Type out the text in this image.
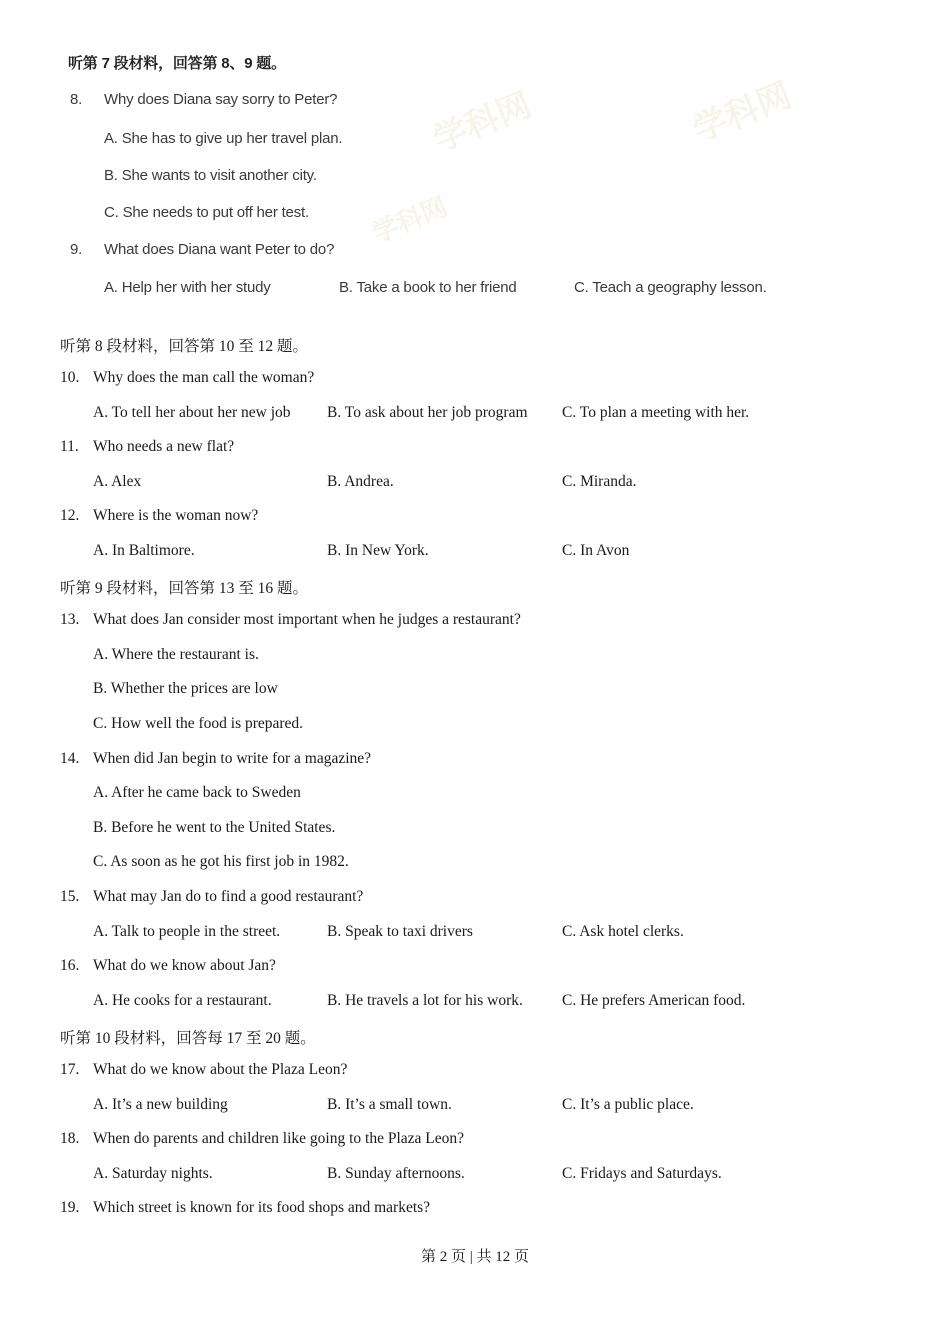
学科网	学科网
学科网
听第 7 段材料，回答第 8、9 题。
8. Why does Diana say sorry to Peter?
A. She has to give up her travel plan.
B. She wants to visit another city.
C. She needs to put off her test.
9. What does Diana want Peter to do?
A. Help her with her study	B. Take a book to her friend	C. Teach a geography lesson.
听第 8 段材料，回答第 10 至 12 题。
10. Why does the man call the woman?
A. To tell her about her new job B. To ask about her job program C. To plan a meeting with her.
11. Who needs a new flat?
A. Alex	B. Andrea.	C. Miranda.
12. Where is the woman now?
A. In Baltimore.	B. In New York.	C. In Avon
听第 9 段材料，回答第 13 至 16 题。
13. What does Jan consider most important when he judges a restaurant?
A. Where the restaurant is.
B. Whether the prices are low
C. How well the food is prepared.
14. When did Jan begin to write for a magazine?
A. After he came back to Sweden
B. Before he went to the United States.
C. As soon as he got his first job in 1982.
15. What may Jan do to find a good restaurant?
A. Talk to people in the street.	B. Speak to taxi drivers	C. Ask hotel clerks.
16. What do we know about Jan?
A. He cooks for a restaurant.	B. He travels a lot for his work.	C. He prefers American food.
听第 10 段材料，回答每 17 至 20 题。
17. What do we know about the Plaza Leon?
A. It’s a new building	B. It’s a small town.	C. It’s a public place.
18. When do parents and children like going to the Plaza Leon?
A. Saturday nights.	B. Sunday afternoons.	C. Fridays and Saturdays.
19. Which street is known for its food shops and markets?
第 2 页 | 共 12 页
